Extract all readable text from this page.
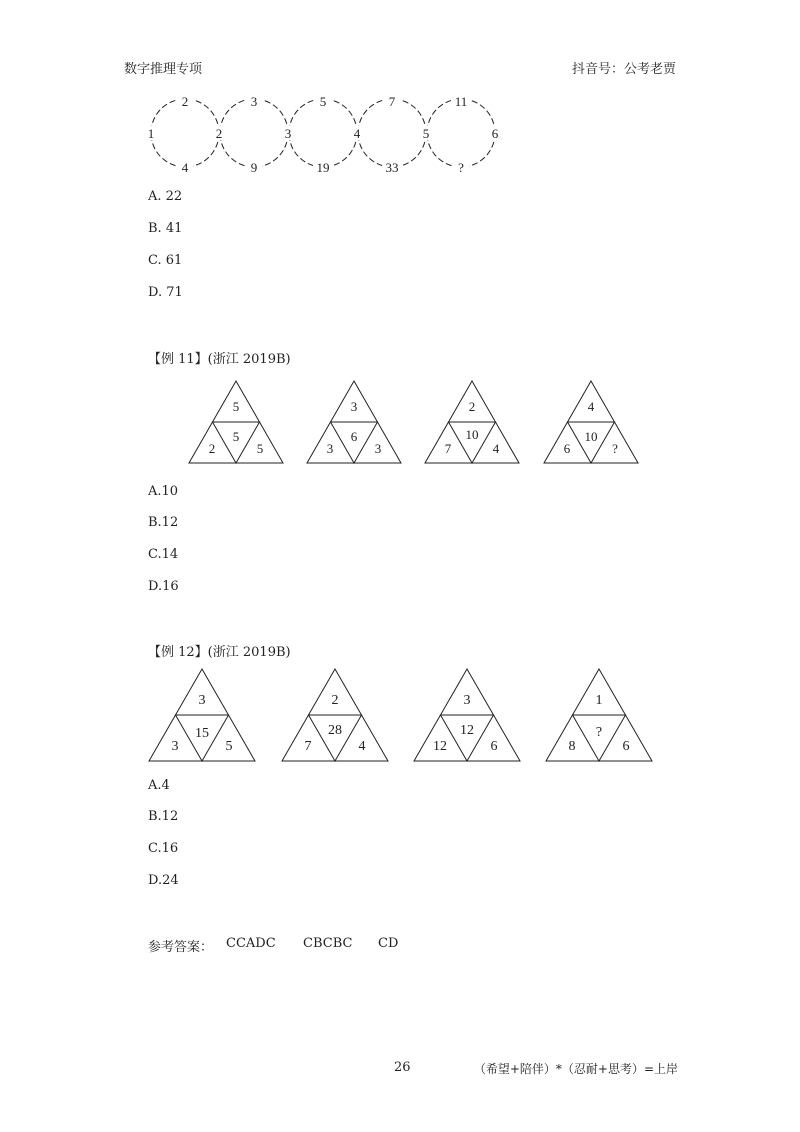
数字推理专项	抖音号：公考老贾
2
1
4
3
2
9
5
3
19
7
4
33
11
5
?
6
A. 22
B. 41
C. 61
D. 71
【例 11】(浙江 2019B)
5
5
2	5
3
6
3	3
2
10
7	4
4
10
6	?
A.10
B.12
C.14
D.16
【例 12】(浙江 2019B)
3
15
3	5
2
28
7	4
3
12
12	6
1
?
8	6
A.4
B.12
C.16
D.24
参考答案： CCADC CBCBC CD
26	（希望+陪伴）*（忍耐+思考）=上岸
